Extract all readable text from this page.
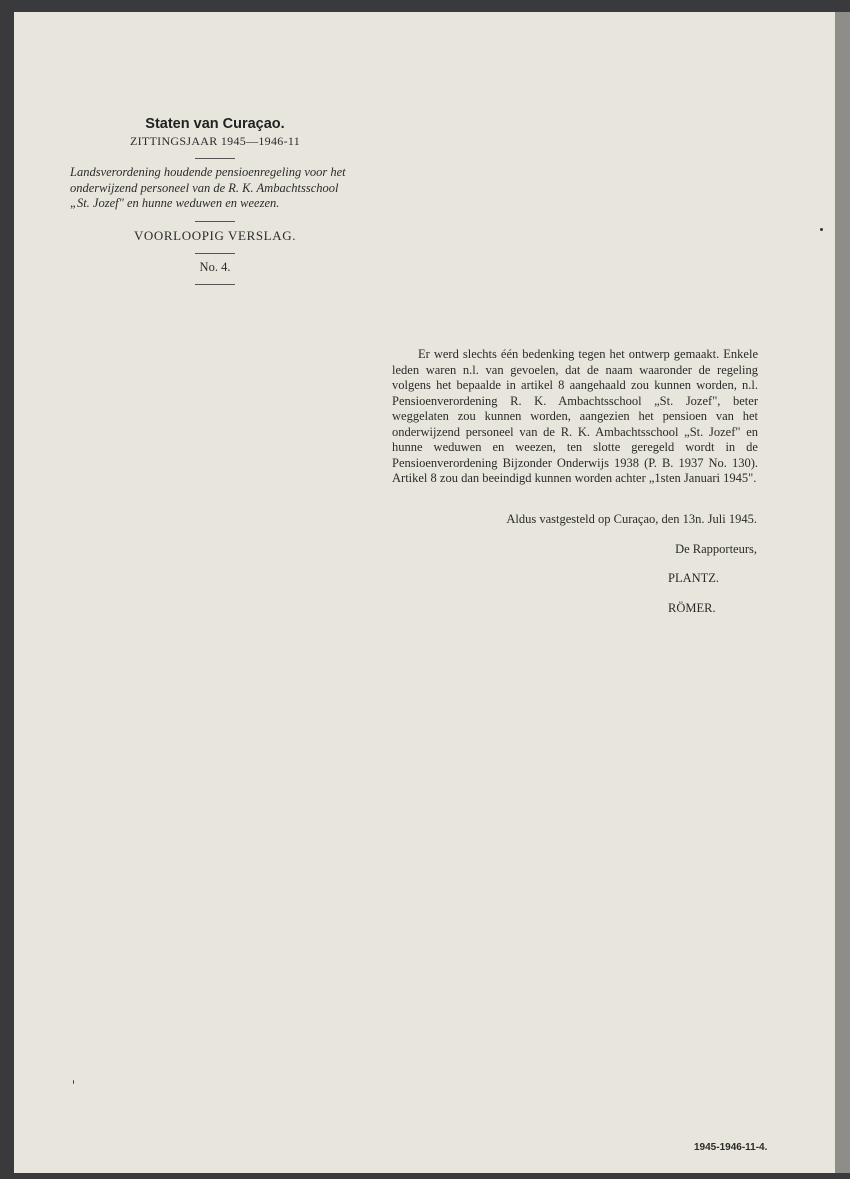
Staten van Curaçao.
ZITTINGSJAAR 1945—1946-11
Landsverordening houdende pensioenregeling voor het onderwijzend personeel van de R. K. Ambachtsschool „St. Jozef" en hunne weduwen en weezen.
VOORLOOPIG VERSLAG.
No. 4.

Er werd slechts één bedenking tegen het ontwerp gemaakt. Enkele leden waren n.l. van gevoelen, dat de naam waaronder de regeling volgens het bepaalde in artikel 8 aangehaald zou kunnen worden, n.l. Pensioenverordening R. K. Ambachtsschool „St. Jozef", beter weggelaten zou kunnen worden, aangezien het pensioen van het onderwijzend personeel van de R. K. Ambachtsschool „St. Jozef" en hunne weduwen en weezen, ten slotte geregeld wordt in de Pensioenverordening Bijzonder Onderwijs 1938 (P. B. 1937 No. 130). Artikel 8 zou dan beeindigd kunnen worden achter „1sten Januari 1945".

Aldus vastgesteld op Curaçao, den 13n. Juli 1945.
De Rapporteurs,
PLANTZ.
RÖMER.
1945-1946-11-4.
